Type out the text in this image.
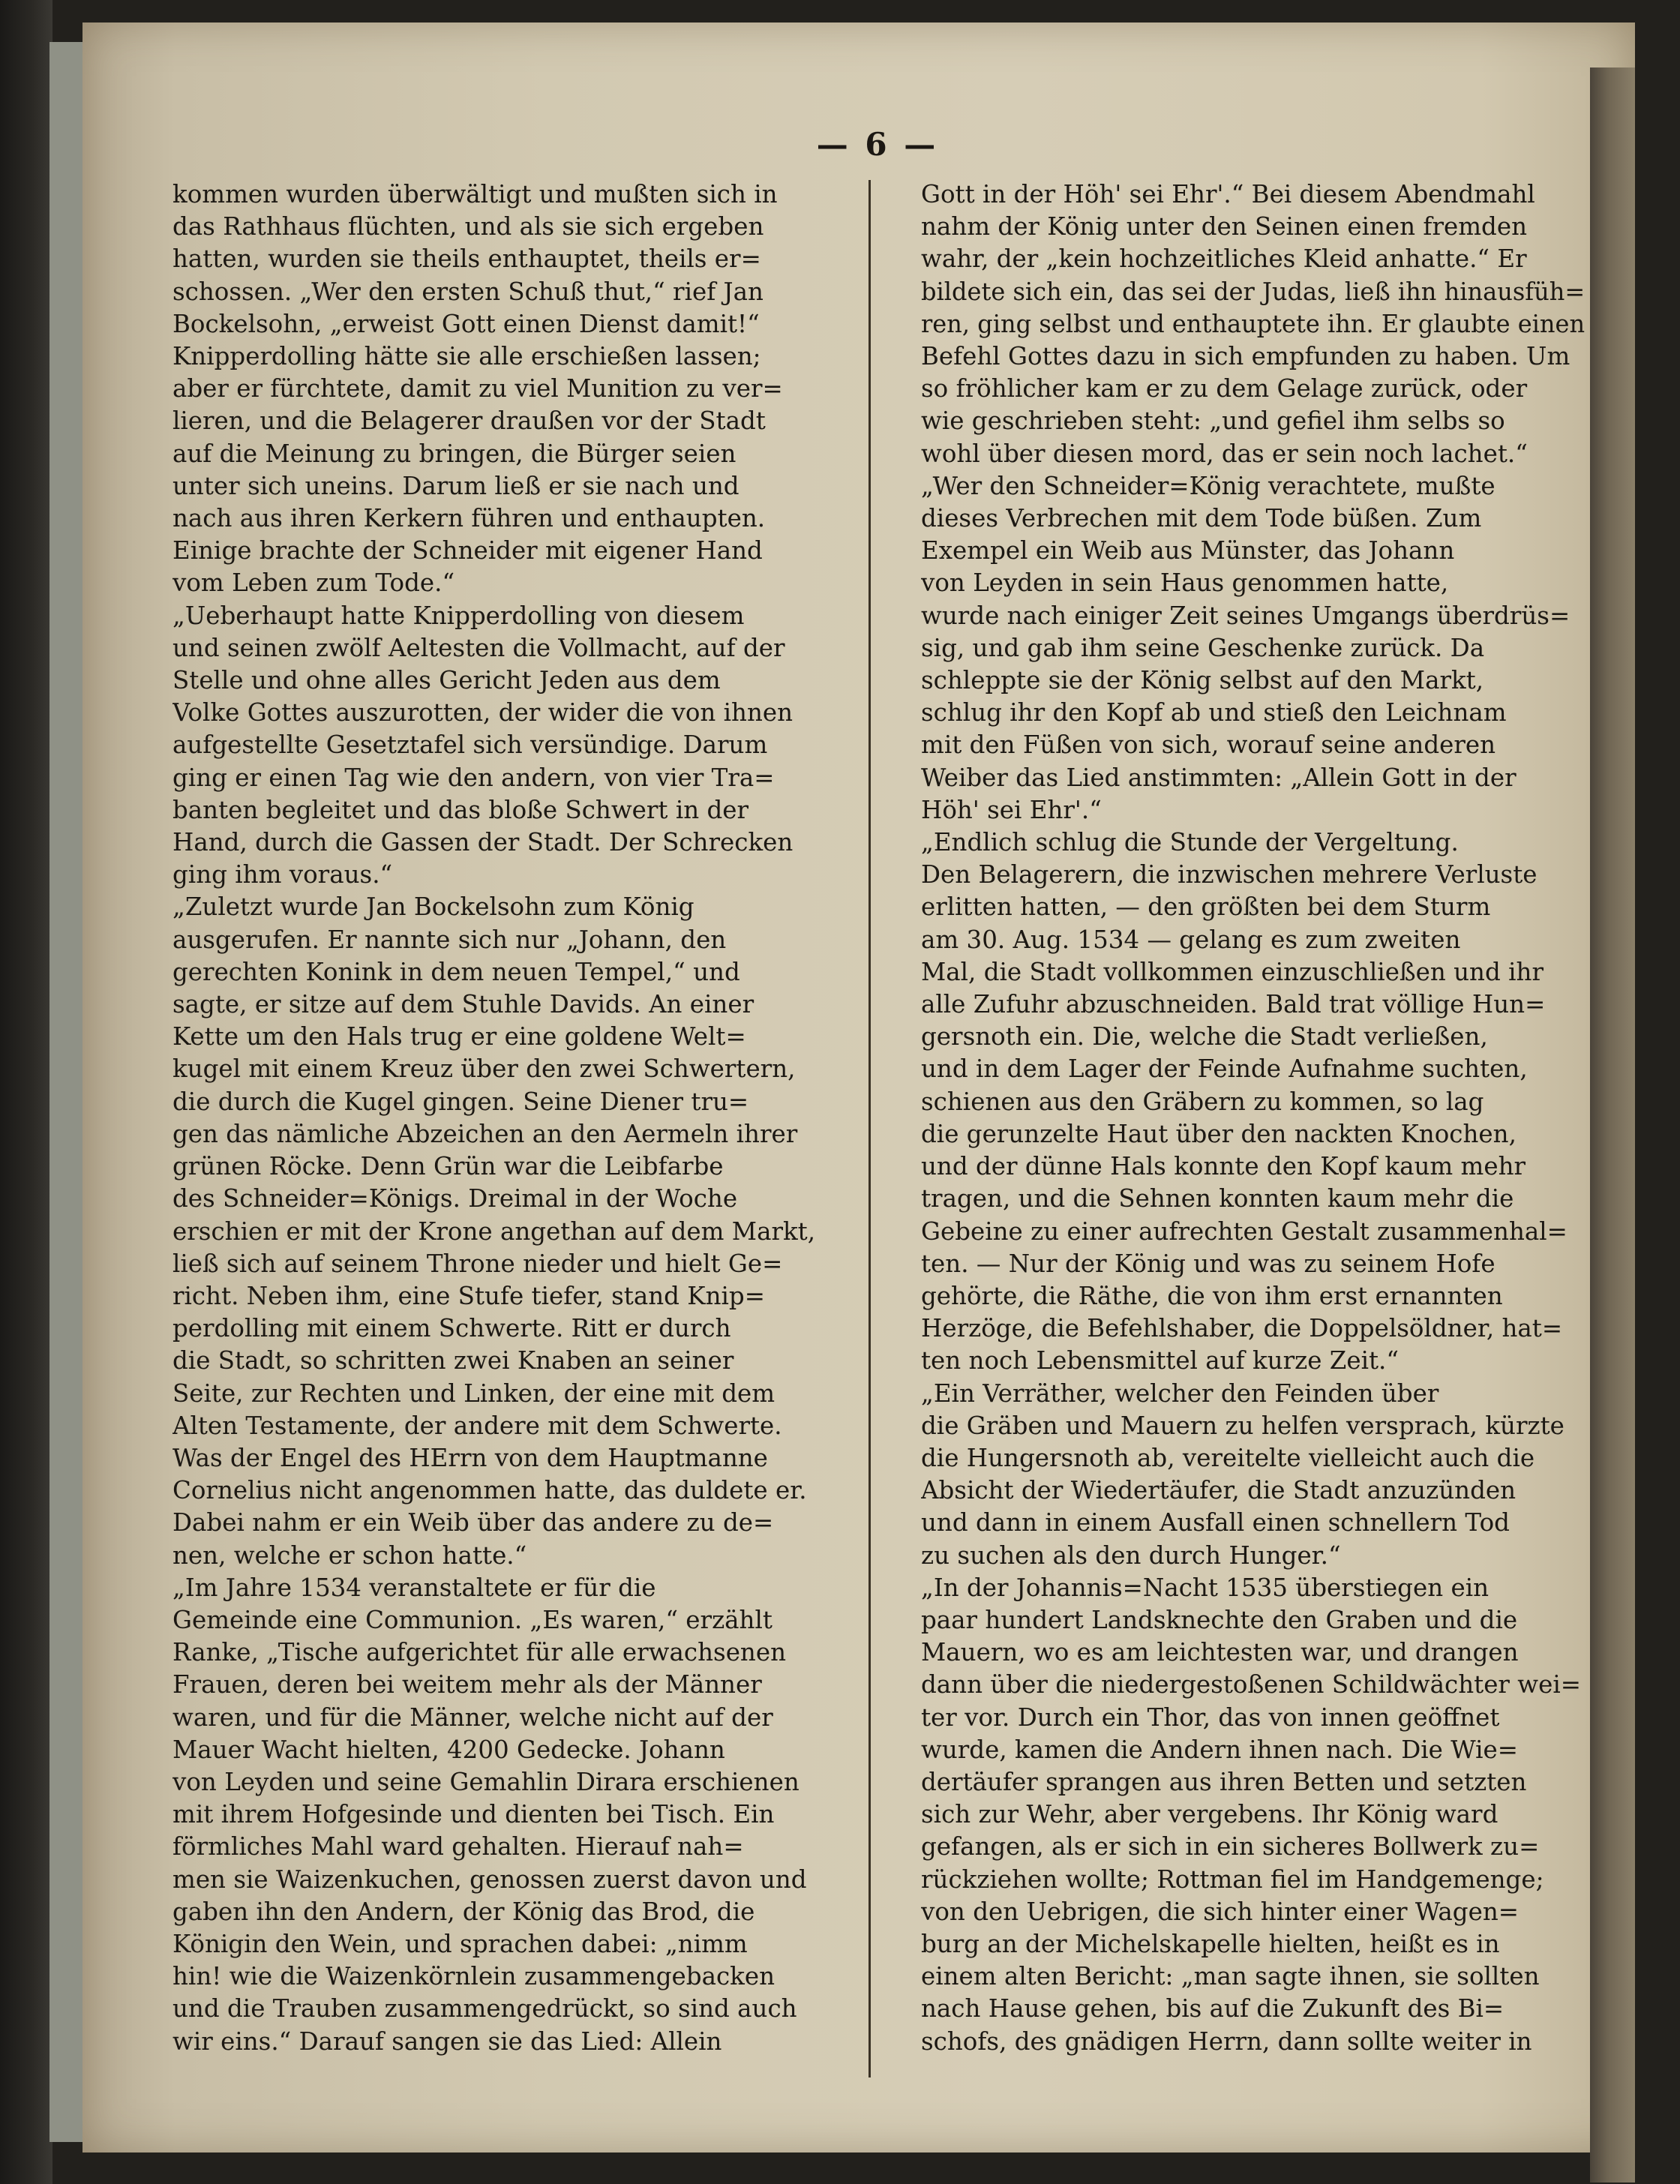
— 6 —
kommen wurden überwältigt und mußten sich in
das Rathhaus flüchten, und als sie sich ergeben
hatten, wurden sie theils enthauptet, theils er=
schossen. „Wer den ersten Schuß thut,“ rief Jan
Bockelsohn, „erweist Gott einen Dienst damit!“
Knipperdolling hätte sie alle erschießen lassen;
aber er fürchtete, damit zu viel Munition zu ver=
lieren, und die Belagerer draußen vor der Stadt
auf die Meinung zu bringen, die Bürger seien
unter sich uneins. Darum ließ er sie nach und
nach aus ihren Kerkern führen und enthaupten.
Einige brachte der Schneider mit eigener Hand
vom Leben zum Tode.“
„Ueberhaupt hatte Knipperdolling von diesem
und seinen zwölf Aeltesten die Vollmacht, auf der
Stelle und ohne alles Gericht Jeden aus dem
Volke Gottes auszurotten, der wider die von ihnen
aufgestellte Gesetztafel sich versündige. Darum
ging er einen Tag wie den andern, von vier Tra=
banten begleitet und das bloße Schwert in der
Hand, durch die Gassen der Stadt. Der Schrecken
ging ihm voraus.“
„Zuletzt wurde Jan Bockelsohn zum König
ausgerufen. Er nannte sich nur „Johann, den
gerechten Konink in dem neuen Tempel,“ und
sagte, er sitze auf dem Stuhle Davids. An einer
Kette um den Hals trug er eine goldene Welt=
kugel mit einem Kreuz über den zwei Schwertern,
die durch die Kugel gingen. Seine Diener tru=
gen das nämliche Abzeichen an den Aermeln ihrer
grünen Röcke. Denn Grün war die Leibfarbe
des Schneider=Königs. Dreimal in der Woche
erschien er mit der Krone angethan auf dem Markt,
ließ sich auf seinem Throne nieder und hielt Ge=
richt. Neben ihm, eine Stufe tiefer, stand Knip=
perdolling mit einem Schwerte. Ritt er durch
die Stadt, so schritten zwei Knaben an seiner
Seite, zur Rechten und Linken, der eine mit dem
Alten Testamente, der andere mit dem Schwerte.
Was der Engel des HErrn von dem Hauptmanne
Cornelius nicht angenommen hatte, das duldete er.
Dabei nahm er ein Weib über das andere zu de=
nen, welche er schon hatte.“
„Im Jahre 1534 veranstaltete er für die
Gemeinde eine Communion. „Es waren,“ erzählt
Ranke, „Tische aufgerichtet für alle erwachsenen
Frauen, deren bei weitem mehr als der Männer
waren, und für die Männer, welche nicht auf der
Mauer Wacht hielten, 4200 Gedecke. Johann
von Leyden und seine Gemahlin Dirara erschienen
mit ihrem Hofgesinde und dienten bei Tisch. Ein
förmliches Mahl ward gehalten. Hierauf nah=
men sie Waizenkuchen, genossen zuerst davon und
gaben ihn den Andern, der König das Brod, die
Königin den Wein, und sprachen dabei: „nimm
hin! wie die Waizenkörnlein zusammengebacken
und die Trauben zusammengedrückt, so sind auch
wir eins.“ Darauf sangen sie das Lied: Allein
Gott in der Höh' sei Ehr'.“ Bei diesem Abendmahl
nahm der König unter den Seinen einen fremden
wahr, der „kein hochzeitliches Kleid anhatte.“ Er
bildete sich ein, das sei der Judas, ließ ihn hinausfüh=
ren, ging selbst und enthauptete ihn. Er glaubte einen
Befehl Gottes dazu in sich empfunden zu haben. Um
so fröhlicher kam er zu dem Gelage zurück, oder
wie geschrieben steht: „und gefiel ihm selbs so
wohl über diesen mord, das er sein noch lachet.“
„Wer den Schneider=König verachtete, mußte
dieses Verbrechen mit dem Tode büßen. Zum
Exempel ein Weib aus Münster, das Johann
von Leyden in sein Haus genommen hatte,
wurde nach einiger Zeit seines Umgangs überdrüs=
sig, und gab ihm seine Geschenke zurück. Da
schleppte sie der König selbst auf den Markt,
schlug ihr den Kopf ab und stieß den Leichnam
mit den Füßen von sich, worauf seine anderen
Weiber das Lied anstimmten: „Allein Gott in der
Höh' sei Ehr'.“
„Endlich schlug die Stunde der Vergeltung.
Den Belagerern, die inzwischen mehrere Verluste
erlitten hatten, — den größten bei dem Sturm
am 30. Aug. 1534 — gelang es zum zweiten
Mal, die Stadt vollkommen einzuschließen und ihr
alle Zufuhr abzuschneiden. Bald trat völlige Hun=
gersnoth ein. Die, welche die Stadt verließen,
und in dem Lager der Feinde Aufnahme suchten,
schienen aus den Gräbern zu kommen, so lag
die gerunzelte Haut über den nackten Knochen,
und der dünne Hals konnte den Kopf kaum mehr
tragen, und die Sehnen konnten kaum mehr die
Gebeine zu einer aufrechten Gestalt zusammenhal=
ten. — Nur der König und was zu seinem Hofe
gehörte, die Räthe, die von ihm erst ernannten
Herzöge, die Befehlshaber, die Doppelsöldner, hat=
ten noch Lebensmittel auf kurze Zeit.“
„Ein Verräther, welcher den Feinden über
die Gräben und Mauern zu helfen versprach, kürzte
die Hungersnoth ab, vereitelte vielleicht auch die
Absicht der Wiedertäufer, die Stadt anzuzünden
und dann in einem Ausfall einen schnellern Tod
zu suchen als den durch Hunger.“
„In der Johannis=Nacht 1535 überstiegen ein
paar hundert Landsknechte den Graben und die
Mauern, wo es am leichtesten war, und drangen
dann über die niedergestoßenen Schildwächter wei=
ter vor. Durch ein Thor, das von innen geöffnet
wurde, kamen die Andern ihnen nach. Die Wie=
dertäufer sprangen aus ihren Betten und setzten
sich zur Wehr, aber vergebens. Ihr König ward
gefangen, als er sich in ein sicheres Bollwerk zu=
rückziehen wollte; Rottman fiel im Handgemenge;
von den Uebrigen, die sich hinter einer Wagen=
burg an der Michelskapelle hielten, heißt es in
einem alten Bericht: „man sagte ihnen, sie sollten
nach Hause gehen, bis auf die Zukunft des Bi=
schofs, des gnädigen Herrn, dann sollte weiter in
